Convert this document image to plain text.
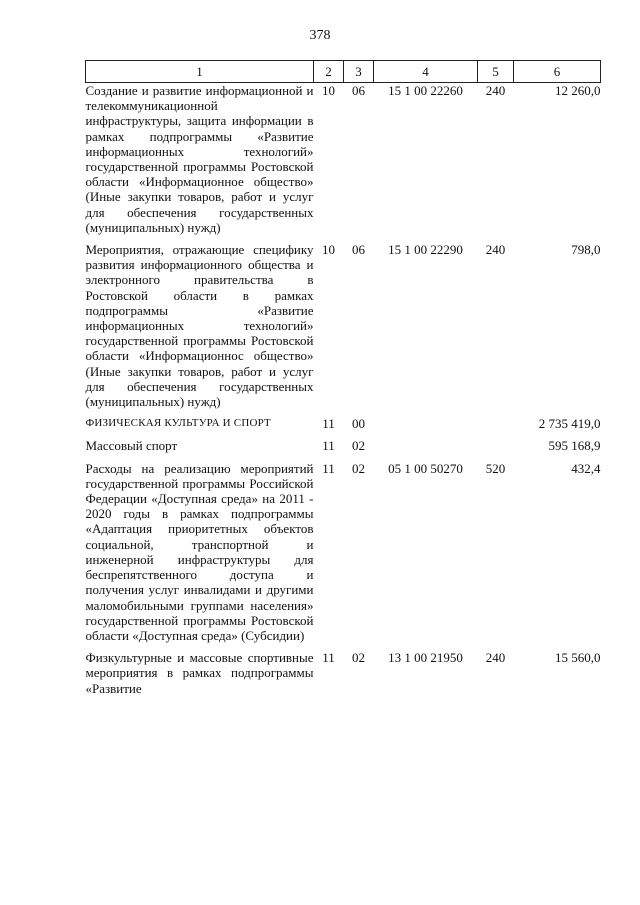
378
1	2	3	4	5	6
Создание и развитие информационной и телекоммуникационной инфраструктуры, защита информации в рамках подпрограммы «Развитие информационных технологий» государственной программы Ростовской области «Информационное общество» (Иные закупки товаров, работ и услуг для обеспечения государственных (муниципальных) нужд)	10	06	15 1 00 22260	240	12 260,0
Мероприятия, отражающие специфику развития информационного общества и электронного правительства в Ростовской области в рамках подпрограммы «Развитие информационных технологий» государственной программы Ростовской области «Информационнос общество» (Иные закупки товаров, работ и услуг для обеспечения государственных (муниципальных) нужд)	10	06	15 1 00 22290	240	798,0
ФИЗИЧЕСКАЯ КУЛЬТУРА И СПОРТ	11	00			2 735 419,0
Массовый спорт	11	02			595 168,9
Расходы на реализацию мероприятий государственной программы Российской Федерации «Доступная среда» на 2011 - 2020 годы в рамках подпрограммы «Адаптация приоритетных объектов социальной, транспортной и инженерной инфраструктуры для беспрепятственного доступа и получения услуг инвалидами и другими маломобильными группами населения» государственной программы Ростовской области «Доступная среда» (Субсидии)	11	02	05 1 00 50270	520	432,4
Физкультурные и массовые спортивные мероприятия в рамках подпрограммы «Развитие	11	02	13 1 00 21950	240	15 560,0
